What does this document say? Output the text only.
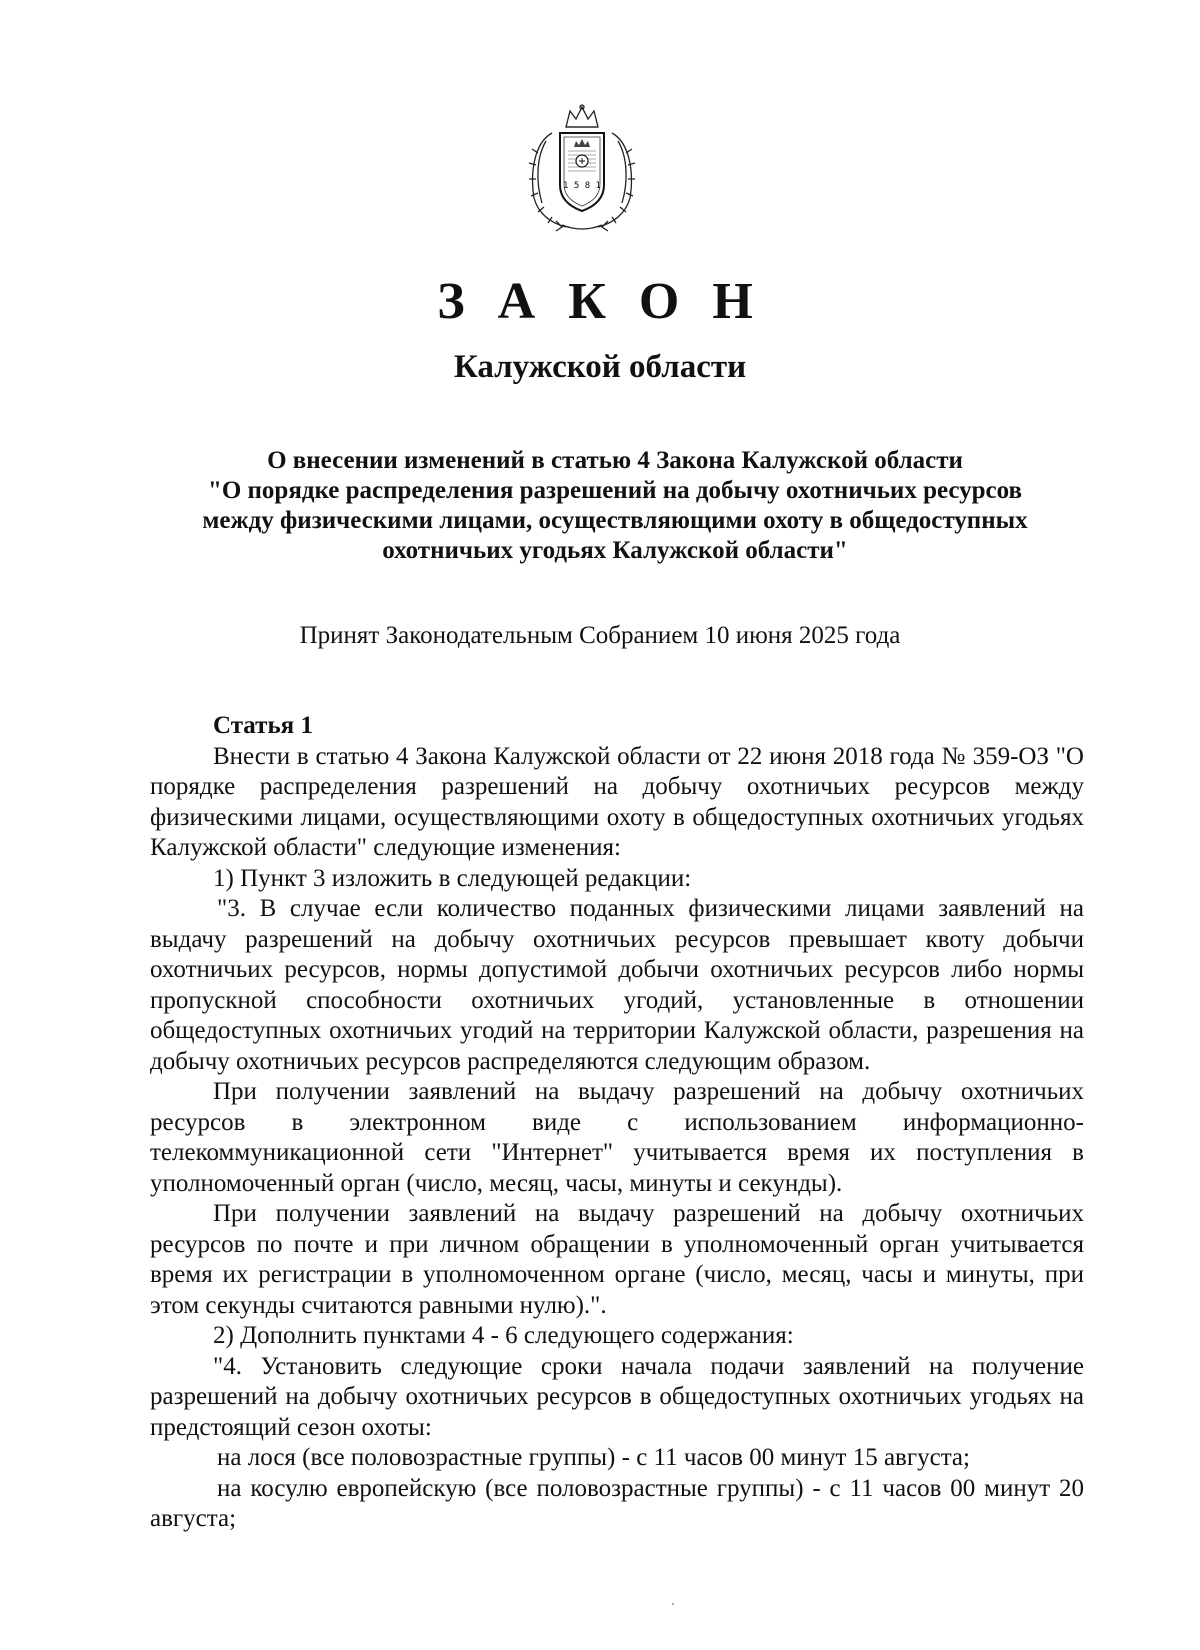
1 5 8 1
З А К О Н
Калужской области
О внесении изменений в статью 4 Закона Калужской области
"О порядке распределения разрешений на добычу охотничьих ресурсов
между физическими лицами, осуществляющими охоту в общедоступных
охотничьих угодьях Калужской области"
Принят Законодательным Собранием 10 июня 2025 года

Статья 1

Внести в статью 4 Закона Калужской области от 22 июня 2018 года № 359-ОЗ "О порядке распределения разрешений на добычу охотничьих ресурсов между физическими лицами, осуществляющими охоту в общедоступных охотничьих угодьях Калужской области" следующие изменения:

1) Пункт 3 изложить в следующей редакции:

"3. В случае если количество поданных физическими лицами заявлений на выдачу разрешений на добычу охотничьих ресурсов превышает квоту добычи охотничьих ресурсов, нормы допустимой добычи охотничьих ресурсов либо нормы пропускной способности охотничьих угодий, установленные в отношении общедоступных охотничьих угодий на территории Калужской области, разрешения на добычу охотничьих ресурсов распределяются следующим образом.

При получении заявлений на выдачу разрешений на добычу охотничьих ресурсов в электронном виде с использованием информационно-телекоммуникационной сети "Интернет" учитывается время их поступления в уполномоченный орган (число, месяц, часы, минуты и секунды).

При получении заявлений на выдачу разрешений на добычу охотничьих ресурсов по почте и при личном обращении в уполномоченный орган учитывается время их регистрации в уполномоченном органе (число, месяц, часы и минуты, при этом секунды считаются равными нулю).".

2) Дополнить пунктами 4 - 6 следующего содержания:

"4. Установить следующие сроки начала подачи заявлений на получение разрешений на добычу охотничьих ресурсов в общедоступных охотничьих угодьях на предстоящий сезон охоты:

на лося (все половозрастные группы) - с 11 часов 00 минут 15 августа;

на косулю европейскую (все половозрастные группы) - с 11 часов 00 минут 20 августа;
